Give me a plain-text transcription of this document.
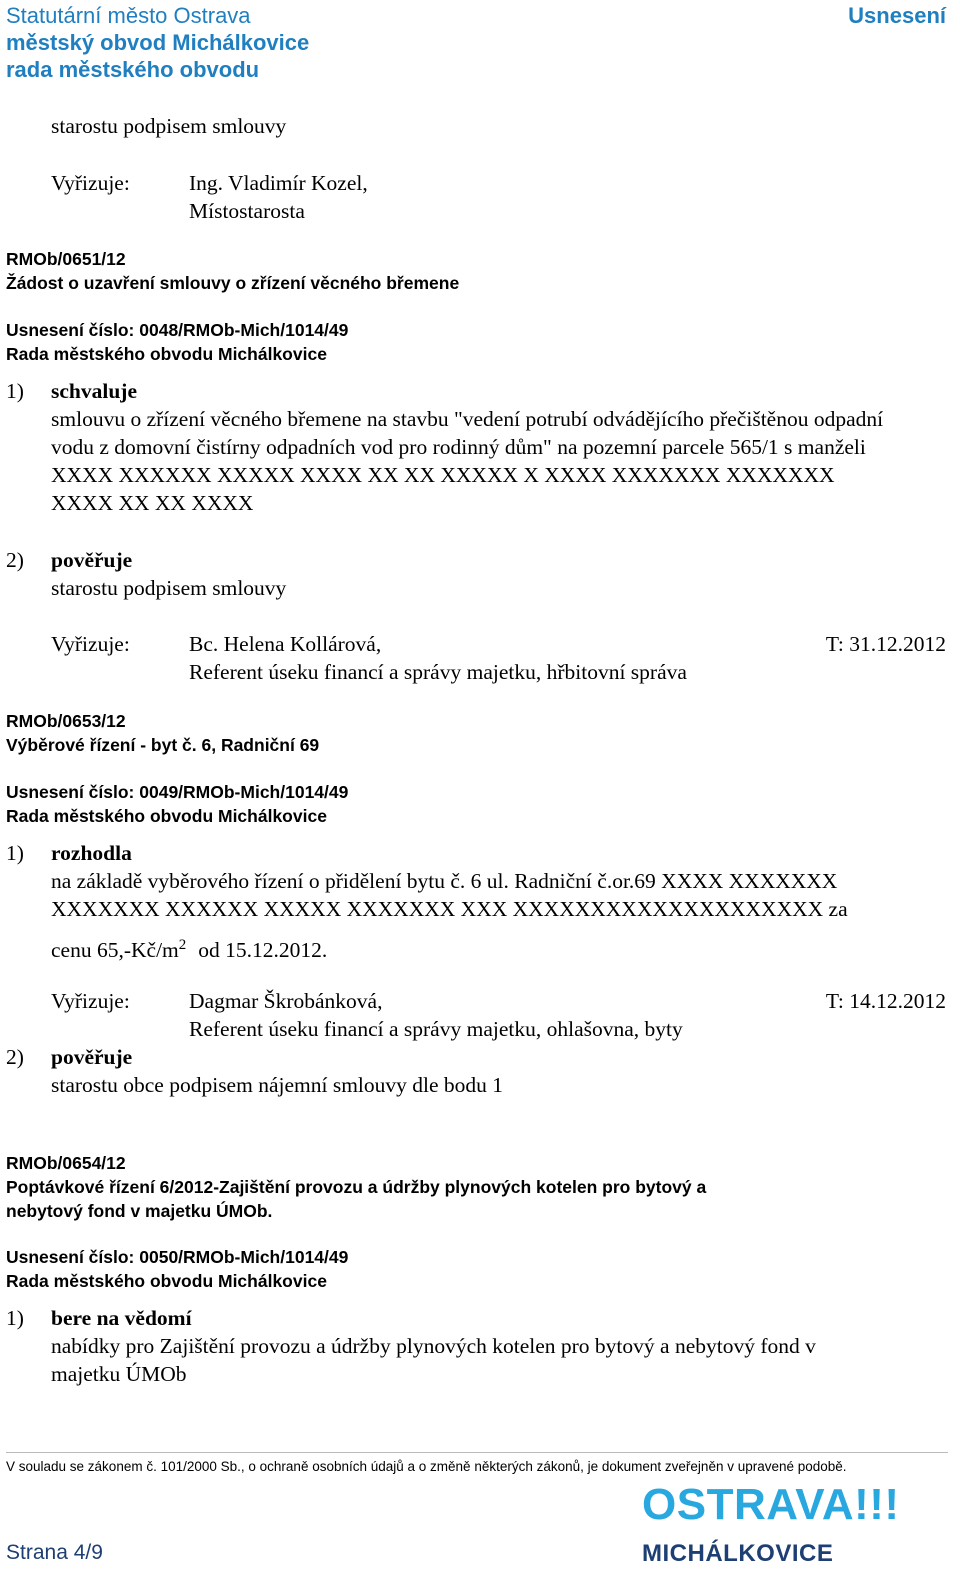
Statutární město Ostrava
městský obvod Michálkovice
rada městského obvodu
Usnesení
starostu podpisem smlouvy
Vyřizuje:	Ing. Vladimír Kozel,
Místostarosta
RMOb/0651/12
Žádost o uzavření smlouvy o zřízení věcného břemene
Usnesení číslo: 0048/RMOb-Mich/1014/49
Rada městského obvodu Michálkovice
1) schvaluje
smlouvu o zřízení věcného břemene na stavbu "vedení potrubí odvádějícího přečištěnou odpadní
vodu z domovní čistírny odpadních vod pro rodinný dům" na pozemní parcele 565/1 s manželi
XXXX XXXXXX XXXXX XXXX XX XX XXXXX X XXXX XXXXXXX XXXXXXX
XXXX XX XX XXXX
2) pověřuje
starostu podpisem smlouvy
Vyřizuje:	Bc. Helena Kollárová,	T: 31.12.2012
Referent úseku financí a správy majetku, hřbitovní správa
RMOb/0653/12
Výběrové řízení - byt č. 6, Radniční 69
Usnesení číslo: 0049/RMOb-Mich/1014/49
Rada městského obvodu Michálkovice
1) rozhodla
na základě vyběrového řízení o přidělení bytu č. 6 ul. Radniční č.or.69 XXXX XXXXXXX
XXXXXXX XXXXXX XXXXX XXXXXXX XXX XXXXXXXXXXXXXXXXXXXX za
cenu $65,-Kč/m^2$ od 15.12.2012.
Vyřizuje:	Dagmar Škrobánková,	T: 14.12.2012
Referent úseku financí a správy majetku, ohlašovna, byty
2) pověřuje
starostu obce podpisem nájemní smlouvy dle bodu 1
RMOb/0654/12
Poptávkové řízení 6/2012-Zajištění provozu a údržby plynových kotelen pro bytový a
nebytový fond v majetku ÚMOb.
Usnesení číslo: 0050/RMOb-Mich/1014/49
Rada městského obvodu Michálkovice
1) bere na vědomí
nabídky pro Zajištění provozu a údržby plynových kotelen pro bytový a nebytový fond v
majetku ÚMOb
V souladu se zákonem č. 101/2000 Sb., o ochraně osobních údajů a o změně některých zákonů, je dokument zveřejněn v upravené podobě.
Strana 4/9
OSTRAVA!!!
MICHÁLKOVICE
